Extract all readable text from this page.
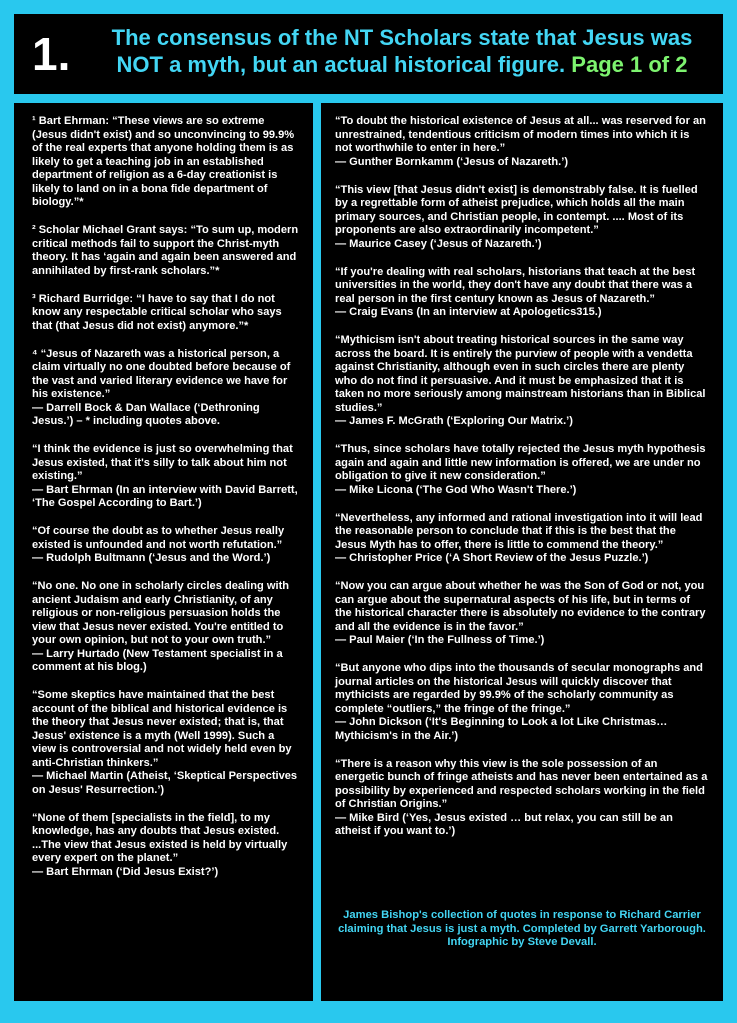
1.	The consensus of the NT Scholars state that Jesus was NOT a myth, but an actual historical figure. Page 1 of 2

¹ Bart Ehrman: “These views are so extreme (Jesus didn't exist) and so unconvincing to 99.9% of the real experts that anyone holding them is as likely to get a teaching job in an established department of religion as a 6-day creationist is likely to land on in a bona fide department of biology.”*

² Scholar Michael Grant says: “To sum up, modern critical methods fail to support the Christ-myth theory. It has ‘again and again been answered and annihilated by first-rank scholars.”*

³ Richard Burridge: “I have to say that I do not know any respectable critical scholar who says that (that Jesus did not exist) anymore.”*

⁴ “Jesus of Nazareth was a historical person, a claim virtually no one doubted before because of the vast and varied literary evidence we have for his existence.”
— Darrell Bock & Dan Wallace (‘Dethroning Jesus.’) – * including quotes above.

“I think the evidence is just so overwhelming that Jesus existed, that it's silly to talk about him not existing.”
— Bart Ehrman (In an interview with David Barrett, ‘The Gospel According to Bart.’)

“Of course the doubt as to whether Jesus really existed is unfounded and not worth refutation.”
— Rudolph Bultmann (‘Jesus and the Word.’)

“No one. No one in scholarly circles dealing with ancient Judaism and early Christianity, of any religious or non-religious persuasion holds the view that Jesus never existed. You're entitled to your own opinion, but not to your own truth.”
— Larry Hurtado (New Testament specialist in a comment at his blog.)

“Some skeptics have maintained that the best account of the biblical and historical evidence is the theory that Jesus never existed; that is, that Jesus' existence is a myth (Well 1999). Such a view is controversial and not widely held even by anti-Christian thinkers.”
— Michael Martin (Atheist, ‘Skeptical Perspectives on Jesus' Resurrection.’)

“None of them [specialists in the field], to my knowledge, has any doubts that Jesus existed. ...The view that Jesus existed is held by virtually every expert on the planet.”
— Bart Ehrman (‘Did Jesus Exist?’)

“To doubt the historical existence of Jesus at all... was reserved for an unrestrained, tendentious criticism of modern times into which it is not worthwhile to enter in here.”
— Gunther Bornkamm (‘Jesus of Nazareth.’)

“This view [that Jesus didn't exist] is demonstrably false. It is fuelled by a regrettable form of atheist prejudice, which holds all the main primary sources, and Christian people, in contempt. .... Most of its proponents are also extraordinarily incompetent.”
— Maurice Casey (‘Jesus of Nazareth.’)

“If you're dealing with real scholars, historians that teach at the best universities in the world, they don't have any doubt that there was a real person in the first century known as Jesus of Nazareth.”
— Craig Evans (In an interview at Apologetics315.)

“Mythicism isn't about treating historical sources in the same way across the board. It is entirely the purview of people with a vendetta against Christianity, although even in such circles there are plenty who do not find it persuasive. And it must be emphasized that it is taken no more seriously among mainstream historians than in Biblical studies.”
— James F. McGrath (‘Exploring Our Matrix.’)

“Thus, since scholars have totally rejected the Jesus myth hypothesis again and again and little new information is offered, we are under no obligation to give it new consideration.”
— Mike Licona (‘The God Who Wasn't There.’)

“Nevertheless, any informed and rational investigation into it will lead the reasonable person to conclude that if this is the best that the Jesus Myth has to offer, there is little to commend the theory.”
— Christopher Price (‘A Short Review of the Jesus Puzzle.’)

“Now you can argue about whether he was the Son of God or not, you can argue about the supernatural aspects of his life, but in terms of the historical character there is absolutely no evidence to the contrary and all the evidence is in the favor.”
— Paul Maier (‘In the Fullness of Time.’)

“But anyone who dips into the thousands of secular monographs and journal articles on the historical Jesus will quickly discover that mythicists are regarded by 99.9% of the scholarly community as complete “outliers,” the fringe of the fringe.”
— John Dickson (‘It's Beginning to Look a lot Like Christmas… Mythicism's in the Air.’)

“There is a reason why this view is the sole possession of an energetic bunch of fringe atheists and has never been entertained as a possibility by experienced and respected scholars working in the field of Christian Origins.”
— Mike Bird (‘Yes, Jesus existed … but relax, you can still be an atheist if you want to.’)

James Bishop's collection of quotes in response to Richard Carrier claiming that Jesus is just a myth. Completed by Garrett Yarborough. Infographic by Steve Devall.
